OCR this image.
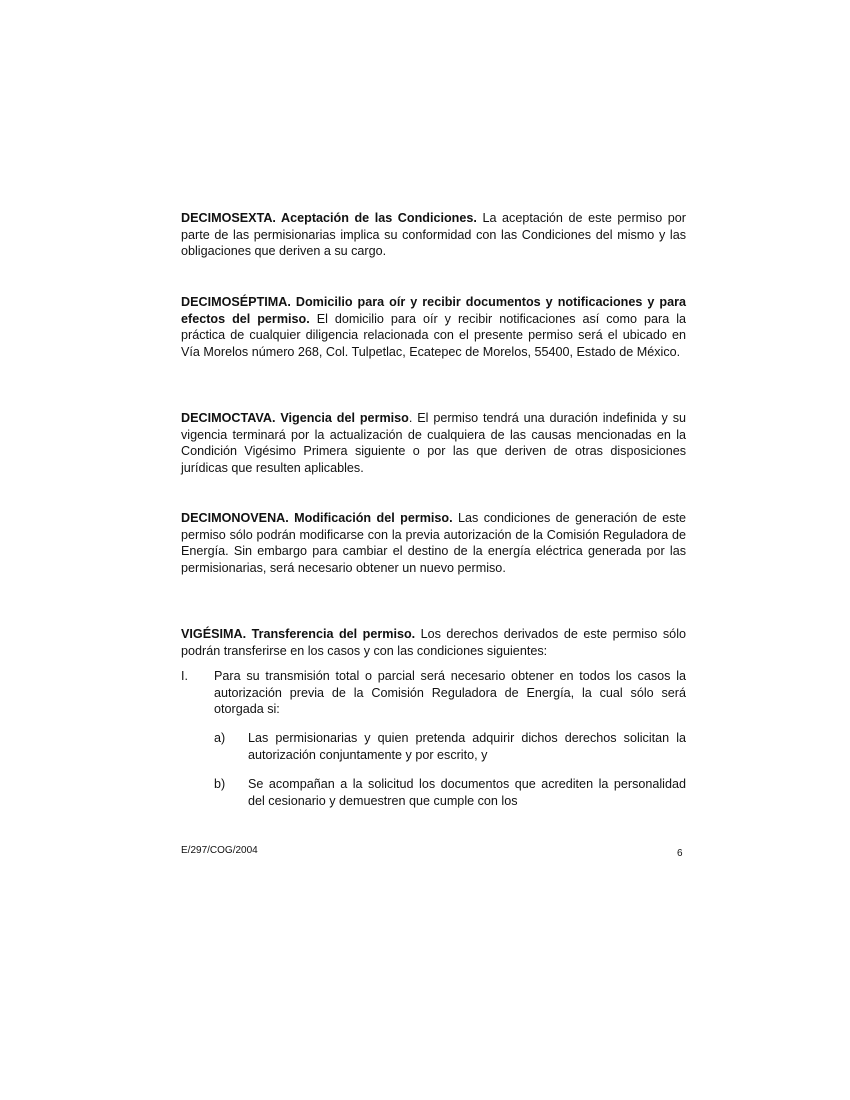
DECIMOSEXTA. Aceptación de las Condiciones. La aceptación de este permiso por parte de las permisionarias implica su conformidad con las Condiciones del mismo y las obligaciones que deriven a su cargo.

DECIMOSÉPTIMA. Domicilio para oír y recibir documentos y notificaciones y para efectos del permiso. El domicilio para oír y recibir notificaciones así como para la práctica de cualquier diligencia relacionada con el presente permiso será el ubicado en Vía Morelos número 268, Col. Tulpetlac, Ecatepec de Morelos, 55400, Estado de México.

DECIMOCTAVA. Vigencia del permiso. El permiso tendrá una duración indefinida y su vigencia terminará por la actualización de cualquiera de las causas mencionadas en la Condición Vigésimo Primera siguiente o por las que deriven de otras disposiciones jurídicas que resulten aplicables.

DECIMONOVENA. Modificación del permiso. Las condiciones de generación de este permiso sólo podrán modificarse con la previa autorización de la Comisión Reguladora de Energía. Sin embargo para cambiar el destino de la energía eléctrica generada por las permisionarias, será necesario obtener un nuevo permiso.

VIGÉSIMA. Transferencia del permiso. Los derechos derivados de este permiso sólo podrán transferirse en los casos y con las condiciones siguientes:

I.	Para su transmisión total o parcial será necesario obtener en todos los casos la autorización previa de la Comisión Reguladora de Energía, la cual sólo será otorgada si:

a)	Las permisionarias y quien pretenda adquirir dichos derechos solicitan la autorización conjuntamente y por escrito, y

b)	Se acompañan a la solicitud los documentos que acrediten la personalidad del cesionario y demuestren que cumple con los

E/297/COG/2004	6
